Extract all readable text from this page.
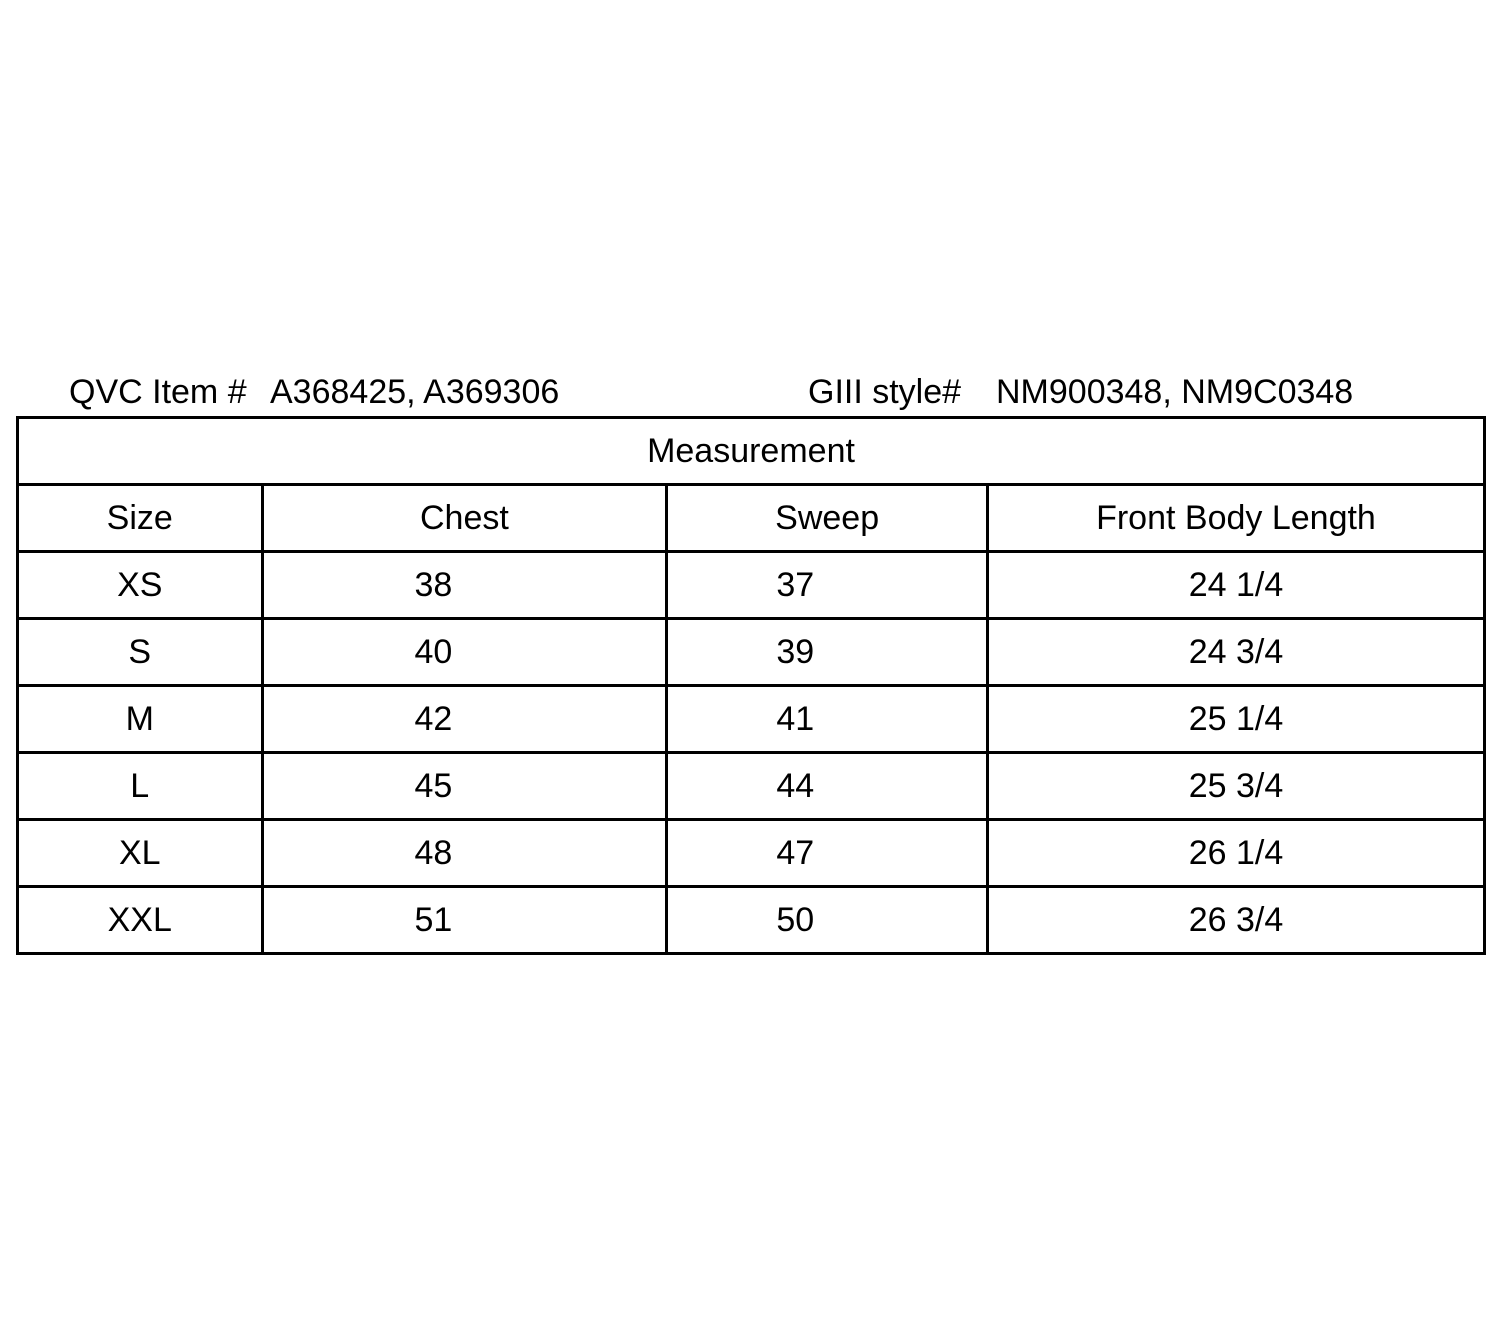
QVC Item # A368425, A369306	GIII style# NM900348, NM9C0348
Measurement			
Size	Chest	Sweep	Front Body Length
XS	38	37	24 1/4
S	40	39	24 3/4
M	42	41	25 1/4
L	45	44	25 3/4
XL	48	47	26 1/4
XXL	51	50	26 3/4
